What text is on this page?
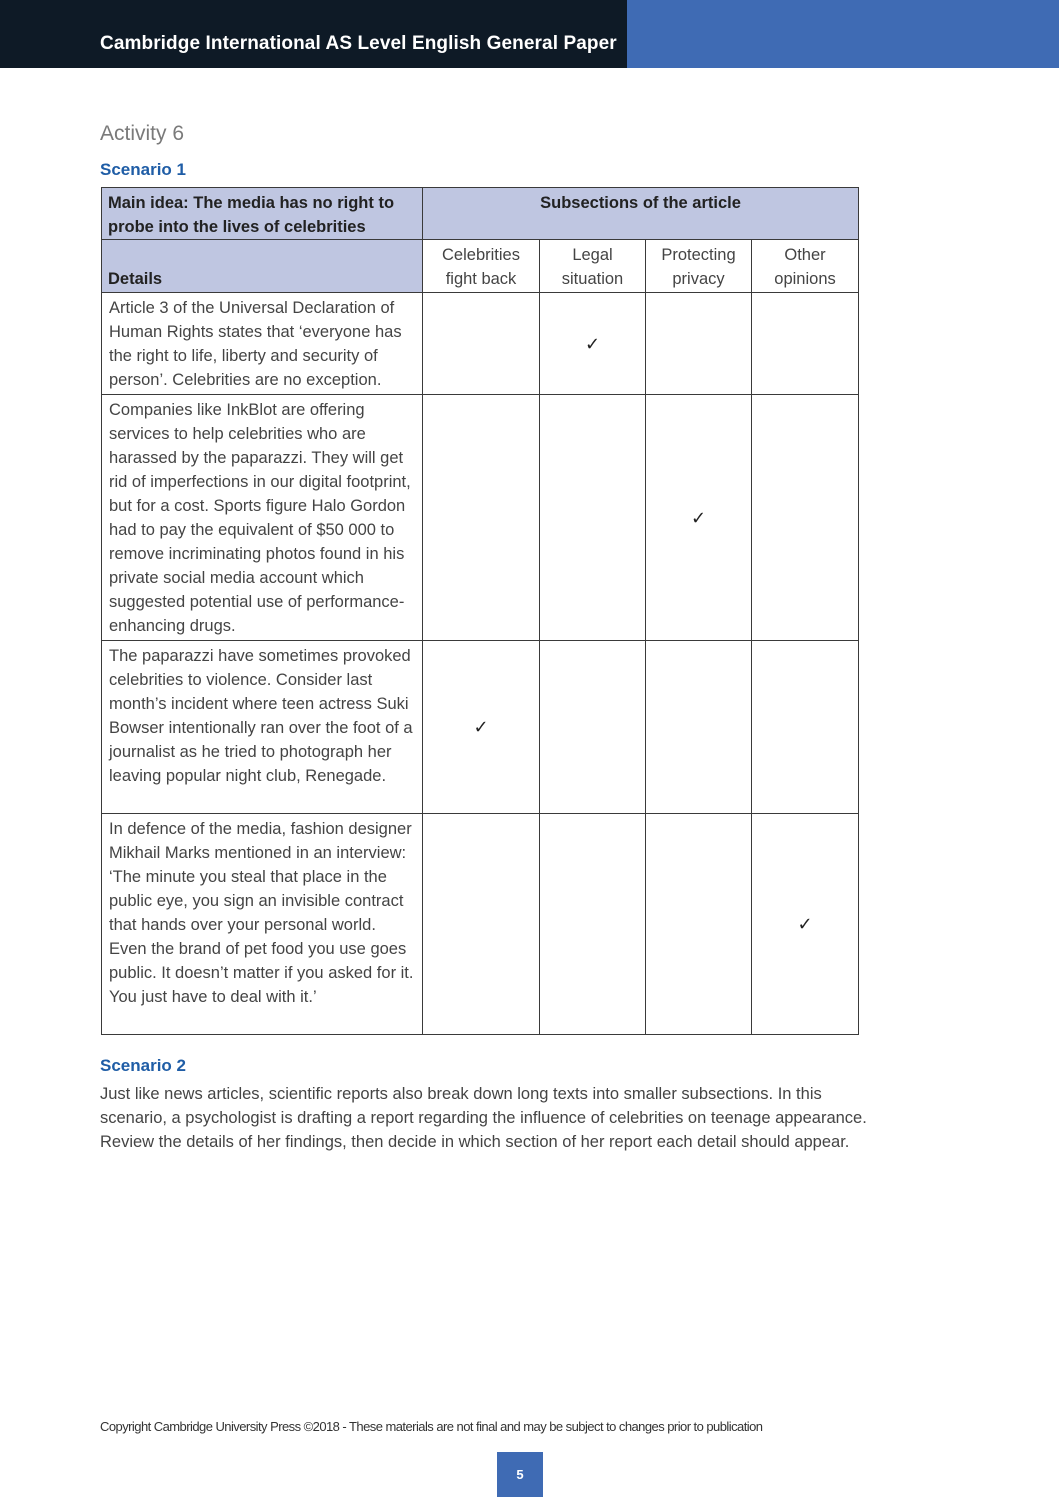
Cambridge International AS Level English General Paper
Activity 6
Scenario 1
Main idea: The media has no right to probe into the lives of celebrities	Subsections of the article			
Details	Celebrities fight back	Legal situation	Protecting privacy	Other opinions
Article 3 of the Universal Declaration of Human Rights states that ‘everyone has the right to life, liberty and security of person’. Celebrities are no exception.		✓		
Companies like InkBlot are offering services to help celebrities who are harassed by the paparazzi. They will get rid of imperfections in our digital footprint, but for a cost. Sports figure Halo Gordon had to pay the equivalent of $50 000 to remove incriminating photos found in his private social media account which suggested potential use of performance-enhancing drugs.			✓	
The paparazzi have sometimes provoked celebrities to violence. Consider last month’s incident where teen actress Suki Bowser intentionally ran over the foot of a journalist as he tried to photograph her leaving popular night club, Renegade.	✓			
In defence of the media, fashion designer Mikhail Marks mentioned in an interview: ‘The minute you steal that place in the public eye, you sign an invisible contract that hands over your personal world. Even the brand of pet food you use goes public. It doesn’t matter if you asked for it. You just have to deal with it.’				✓
Scenario 2
Just like news articles, scientific reports also break down long texts into smaller subsections. In this scenario, a psychologist is drafting a report regarding the influence of celebrities on teenage appearance. Review the details of her findings, then decide in which section of her report each detail should appear.
Copyright Cambridge University Press ©2018 - These materials are not final and may be subject to changes prior to publication
5
